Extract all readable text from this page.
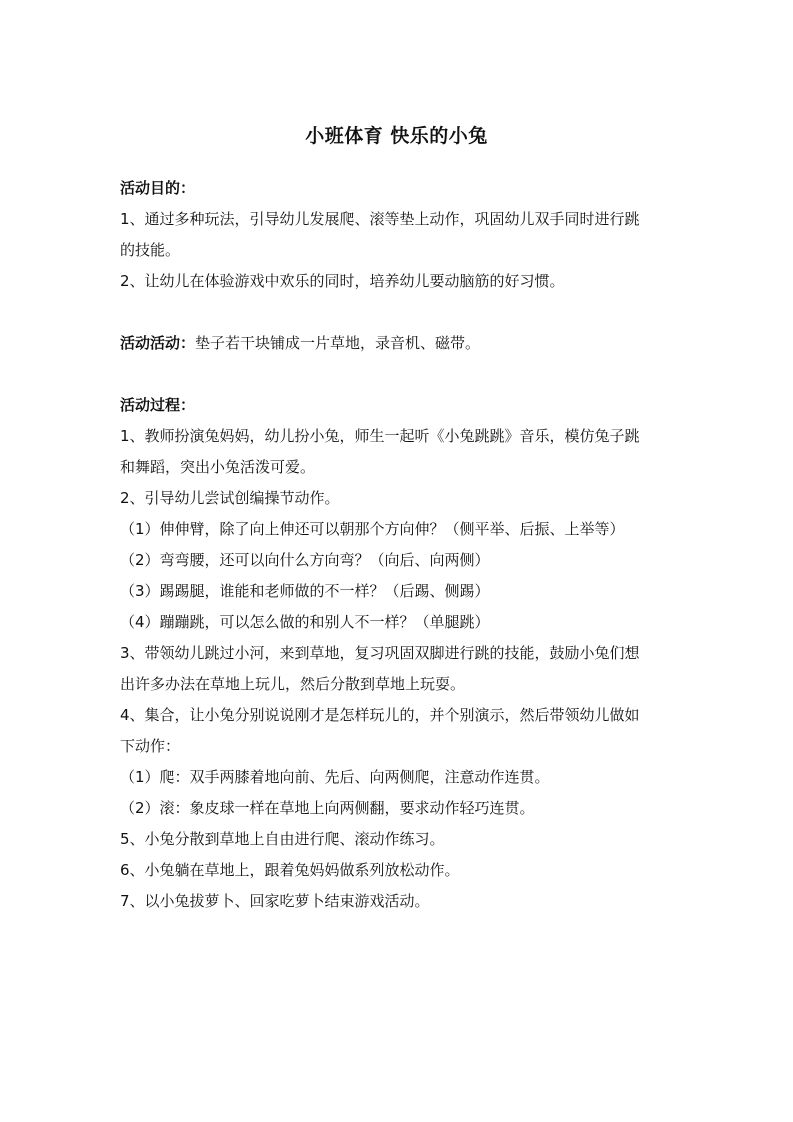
小班体育 快乐的小兔

活动目的：

1、通过多种玩法，引导幼儿发展爬、滚等垫上动作，巩固幼儿双手同时进行跳

的技能。

2、让幼儿在体验游戏中欢乐的同时，培养幼儿要动脑筋的好习惯。

活动活动：垫子若干块铺成一片草地，录音机、磁带。

活动过程：

1、教师扮演兔妈妈，幼儿扮小兔，师生一起听《小兔跳跳》音乐，模仿兔子跳

和舞蹈，突出小兔活泼可爱。

2、引导幼儿尝试创编操节动作。

（1）伸伸臂，除了向上伸还可以朝那个方向伸？（侧平举、后振、上举等）

（2）弯弯腰，还可以向什么方向弯？（向后、向两侧）

（3）踢踢腿，谁能和老师做的不一样？（后踢、侧踢）

（4）蹦蹦跳，可以怎么做的和别人不一样？（单腿跳）

3、带领幼儿跳过小河，来到草地，复习巩固双脚进行跳的技能，鼓励小兔们想

出许多办法在草地上玩儿，然后分散到草地上玩耍。

4、集合，让小兔分别说说刚才是怎样玩儿的，并个别演示，然后带领幼儿做如

下动作：

（1）爬：双手两膝着地向前、先后、向两侧爬，注意动作连贯。

（2）滚：象皮球一样在草地上向两侧翻，要求动作轻巧连贯。

5、小兔分散到草地上自由进行爬、滚动作练习。

6、小兔躺在草地上，跟着兔妈妈做系列放松动作。

7、以小兔拔萝卜、回家吃萝卜结束游戏活动。
